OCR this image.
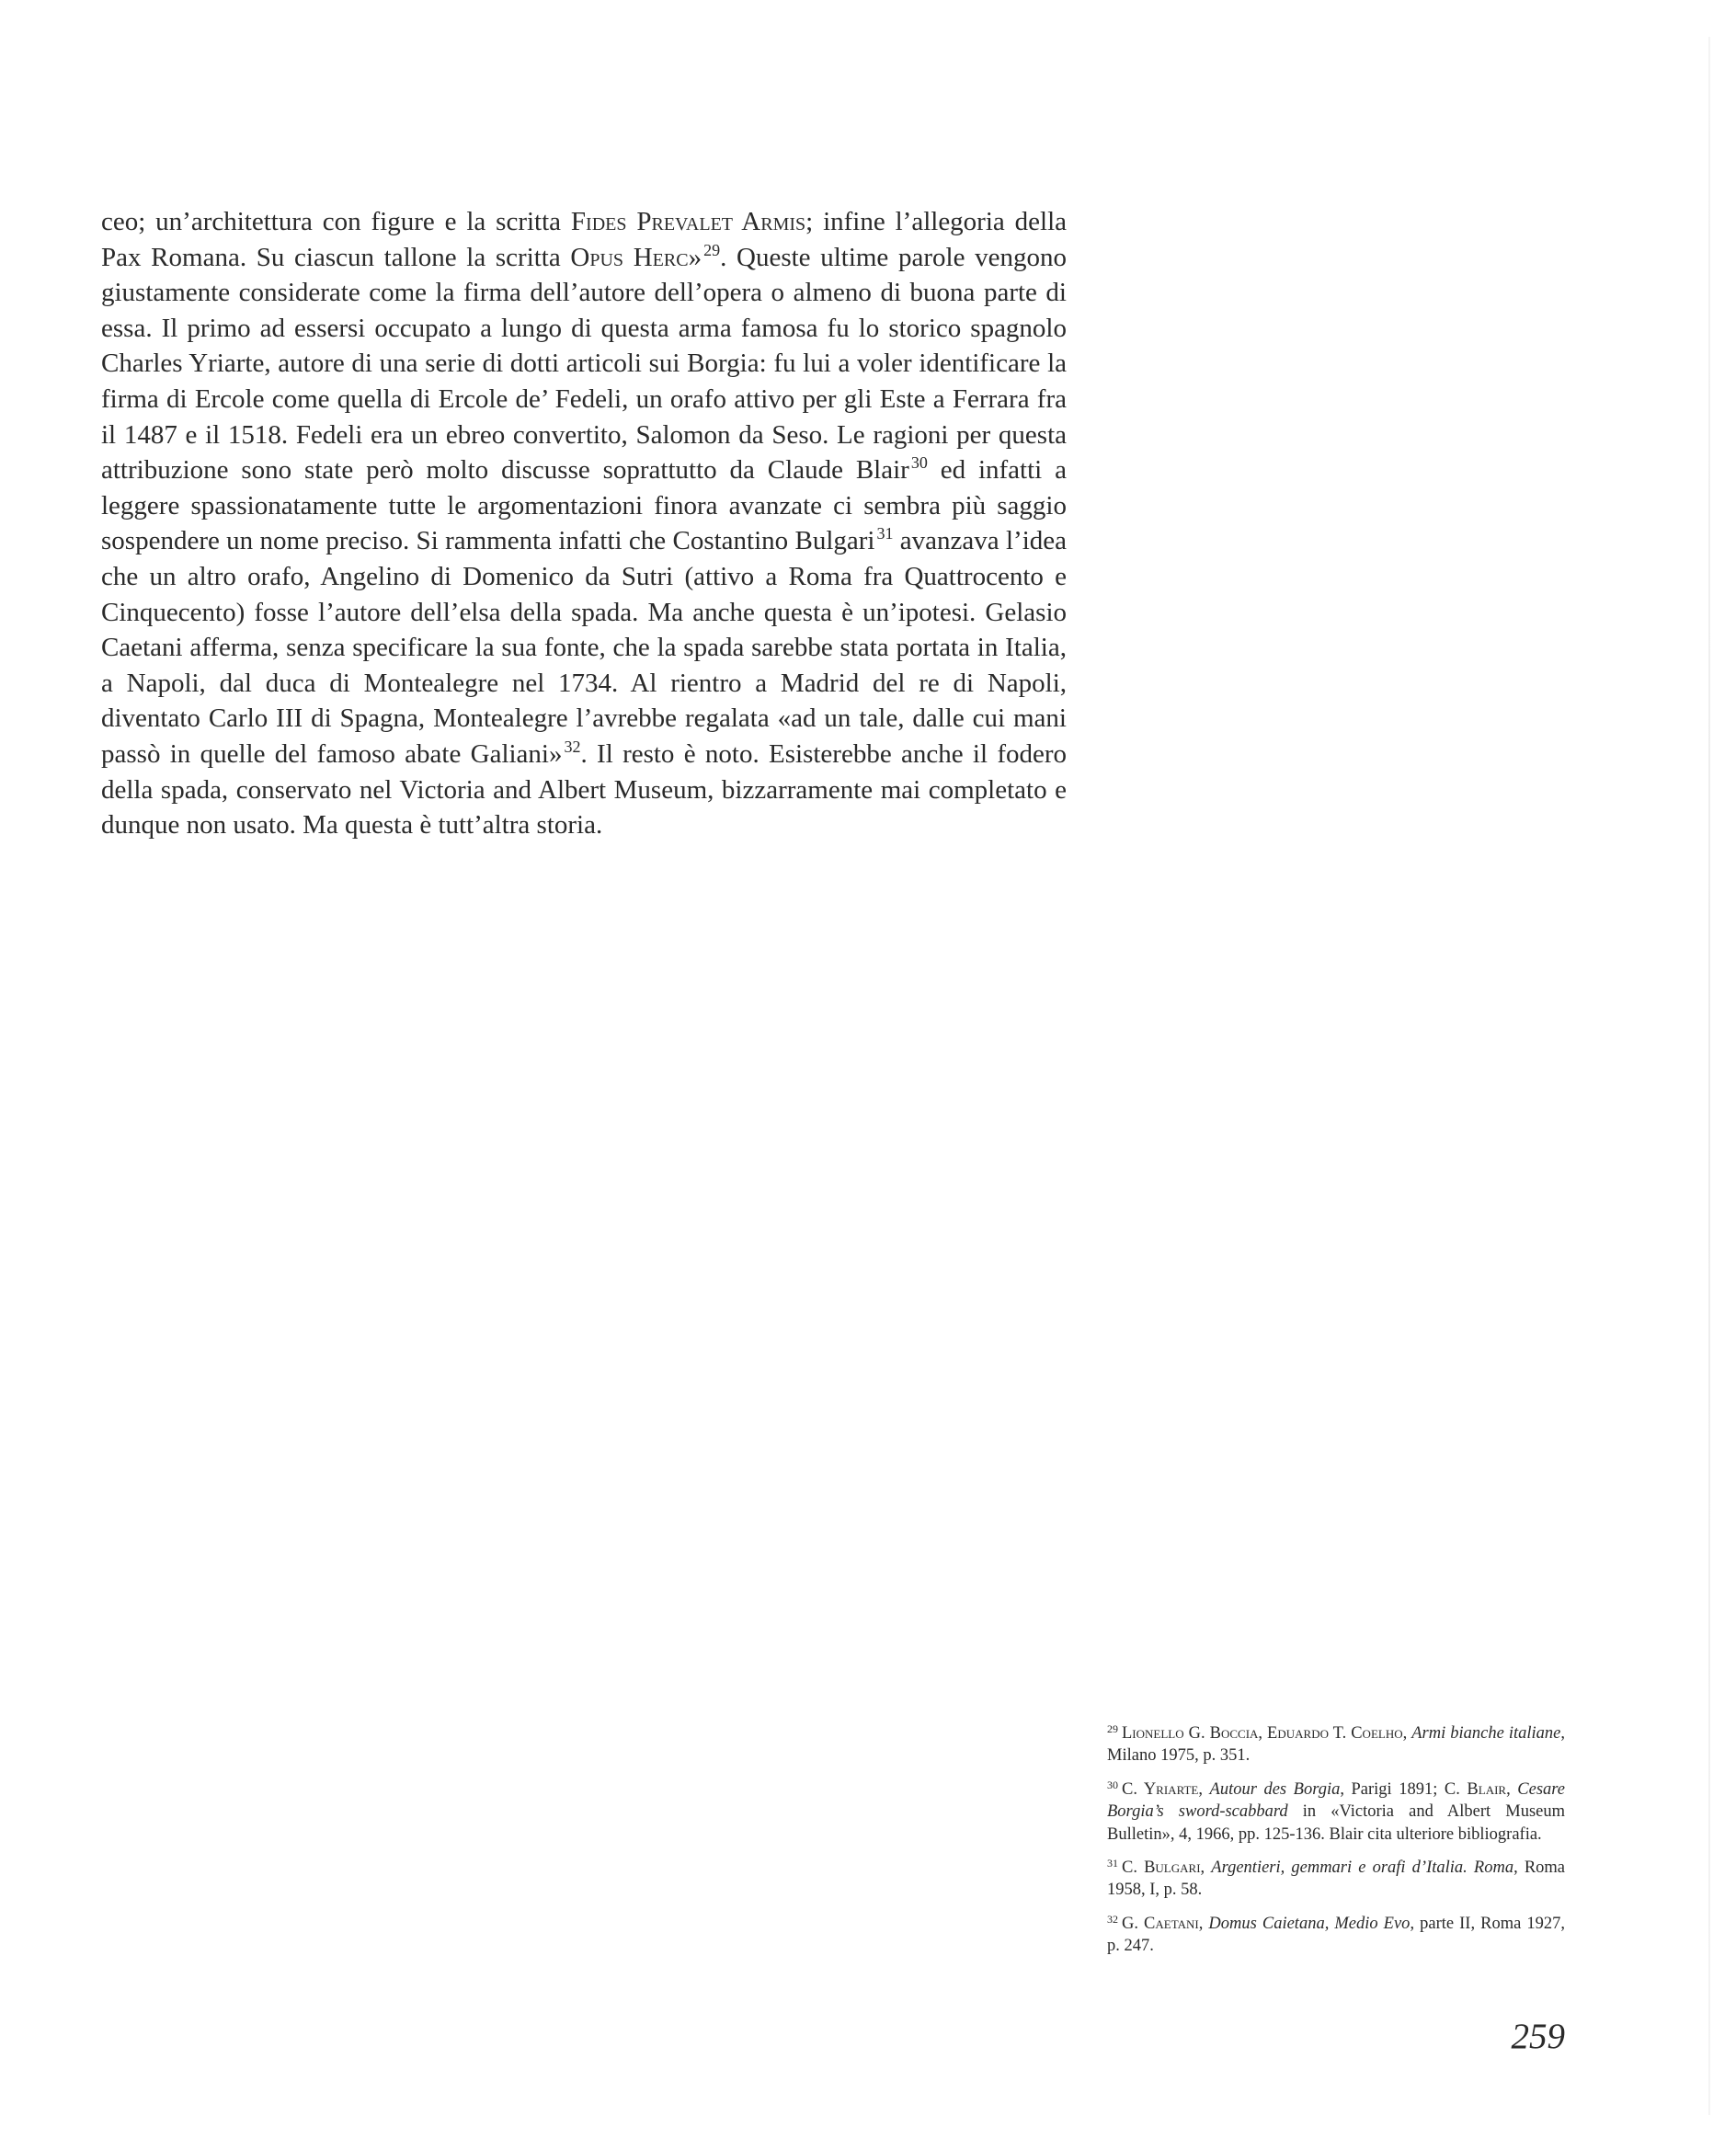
ceo; un’architettura con figure e la scritta Fides Prevalet Armis; infine l’allegoria della Pax Romana. Su ciascun tallone la scritta Opus Herc» $^{29}$. Queste ultime parole vengono giustamente considerate come la firma dell’autore dell’opera o almeno di buona parte di essa. Il primo ad essersi occupato a lungo di questa arma famosa fu lo storico spagnolo Charles Yriarte, autore di una serie di dotti articoli sui Borgia: fu lui a voler identificare la firma di Ercole come quella di Ercole de’ Fedeli, un orafo attivo per gli Este a Ferrara fra il 1487 e il 1518. Fedeli era un ebreo convertito, Salomon da Seso. Le ragioni per questa attribuzione sono state però molto discusse soprattutto da Claude Blair $^{30}$ ed infatti a leggere spassionatamente tutte le argomentazioni finora avanzate ci sembra più saggio sospendere un nome preciso. Si rammenta infatti che Costantino Bulgari $^{31}$ avanzava l’idea che un altro orafo, Angelino di Domenico da Sutri (attivo a Roma fra Quattrocento e Cinquecento) fosse l’autore dell’elsa della spada. Ma anche questa è un’ipotesi. Gelasio Caetani afferma, senza specificare la sua fonte, che la spada sarebbe stata portata in Italia, a Napoli, dal duca di Montealegre nel 1734. Al rientro a Madrid del re di Napoli, diventato Carlo III di Spagna, Montealegre l’avrebbe regalata «ad un tale, dalle cui mani passò in quelle del famoso abate Galiani» $^{32}$. Il resto è noto. Esisterebbe anche il fodero della spada, conservato nel Victoria and Albert Museum, bizzarramente mai completato e dunque non usato. Ma questa è tutt’altra storia.

$^{29}$ Lionello G. Boccia, Eduardo T. Coelho, Armi bianche italiane, Milano 1975, p. 351.
$^{30}$ C. Yriarte, Autour des Borgia, Parigi 1891; C. Blair, Cesare Borgia’s sword-scabbard in «Victoria and Albert Museum Bulletin», 4, 1966, pp. 125-136. Blair cita ulteriore bibliografia.
$^{31}$ C. Bulgari, Argentieri, gemmari e orafi d’Italia. Roma, Roma 1958, I, p. 58.
$^{32}$ G. Caetani, Domus Caietana, Medio Evo, parte II, Roma 1927, p. 247.
259
